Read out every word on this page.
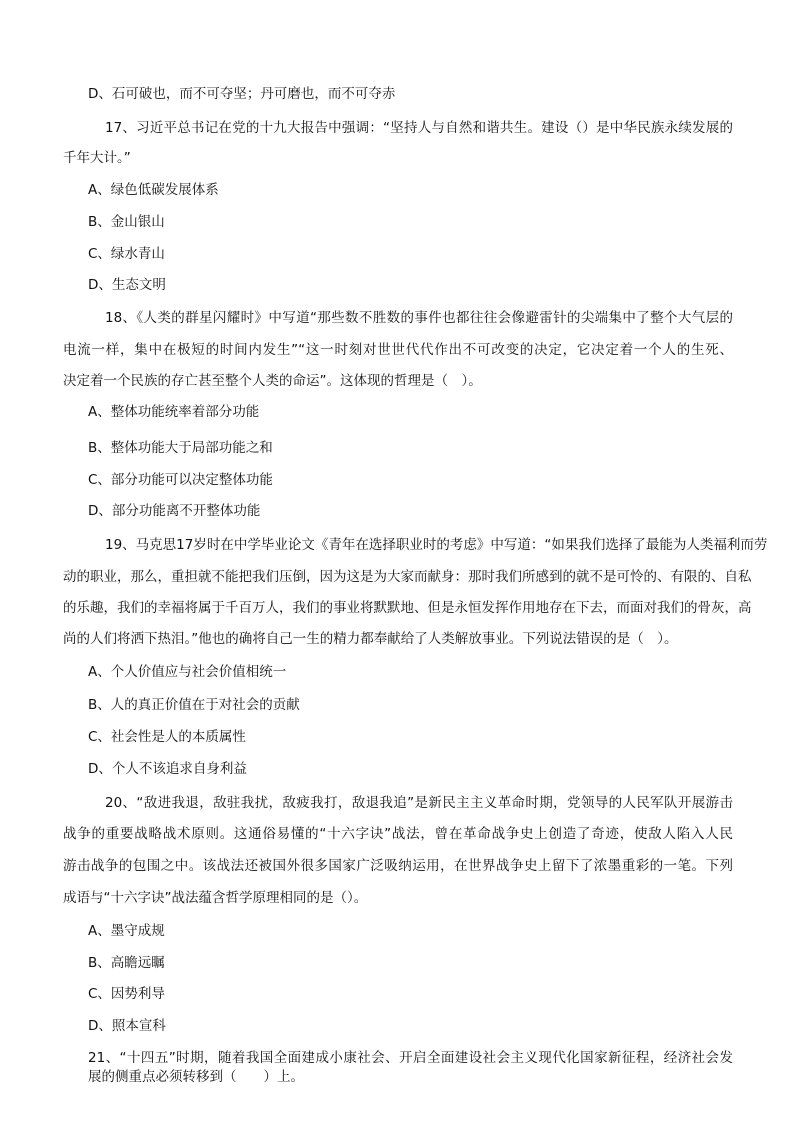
D、石可破也，而不可夺坚；丹可磨也，而不可夺赤
17、习近平总书记在党的十九大报告中强调：“坚持人与自然和谐共生。建设（）是中华民族永续发展的
千年大计。”
A、绿色低碳发展体系
B、金山银山
C、绿水青山
D、生态文明
18、《人类的群星闪耀时》中写道“那些数不胜数的事件也都往往会像避雷针的尖端集中了整个大气层的
电流一样，集中在极短的时间内发生”“这一时刻对世世代代作出不可改变的决定，它决定着一个人的生死、
决定着一个民族的存亡甚至整个人类的命运”。这体现的哲理是（　）。
A、整体功能统率着部分功能
B、整体功能大于局部功能之和
C、部分功能可以决定整体功能
D、部分功能离不开整体功能
19、马克思17岁时在中学毕业论文《青年在选择职业时的考虑》中写道：“如果我们选择了最能为人类福利而劳
动的职业，那么，重担就不能把我们压倒，因为这是为大家而献身：那时我们所感到的就不是可怜的、有限的、自私
的乐趣，我们的幸福将属于千百万人，我们的事业将默默地、但是永恒发挥作用地存在下去，而面对我们的骨灰，高
尚的人们将洒下热泪。”他也的确将自己一生的精力都奉献给了人类解放事业。下列说法错误的是（　）。
A、个人价值应与社会价值相统一
B、人的真正价值在于对社会的贡献
C、社会性是人的本质属性
D、个人不该追求自身利益
20、“敌进我退，敌驻我扰，敌疲我打，敌退我追”是新民主主义革命时期，党领导的人民军队开展游击
战争的重要战略战术原则。这通俗易懂的“十六字诀”战法，曾在革命战争史上创造了奇迹，使敌人陷入人民
游击战争的包围之中。该战法还被国外很多国家广泛吸纳运用，在世界战争史上留下了浓墨重彩的一笔。下列
成语与“十六字诀”战法蕴含哲学原理相同的是（）。
A、墨守成规
B、高瞻远瞩
C、因势利导
D、照本宣科
21、“十四五”时期，随着我国全面建成小康社会、开启全面建设社会主义现代化国家新征程，经济社会发
展的侧重点必须转移到（　　）上。
